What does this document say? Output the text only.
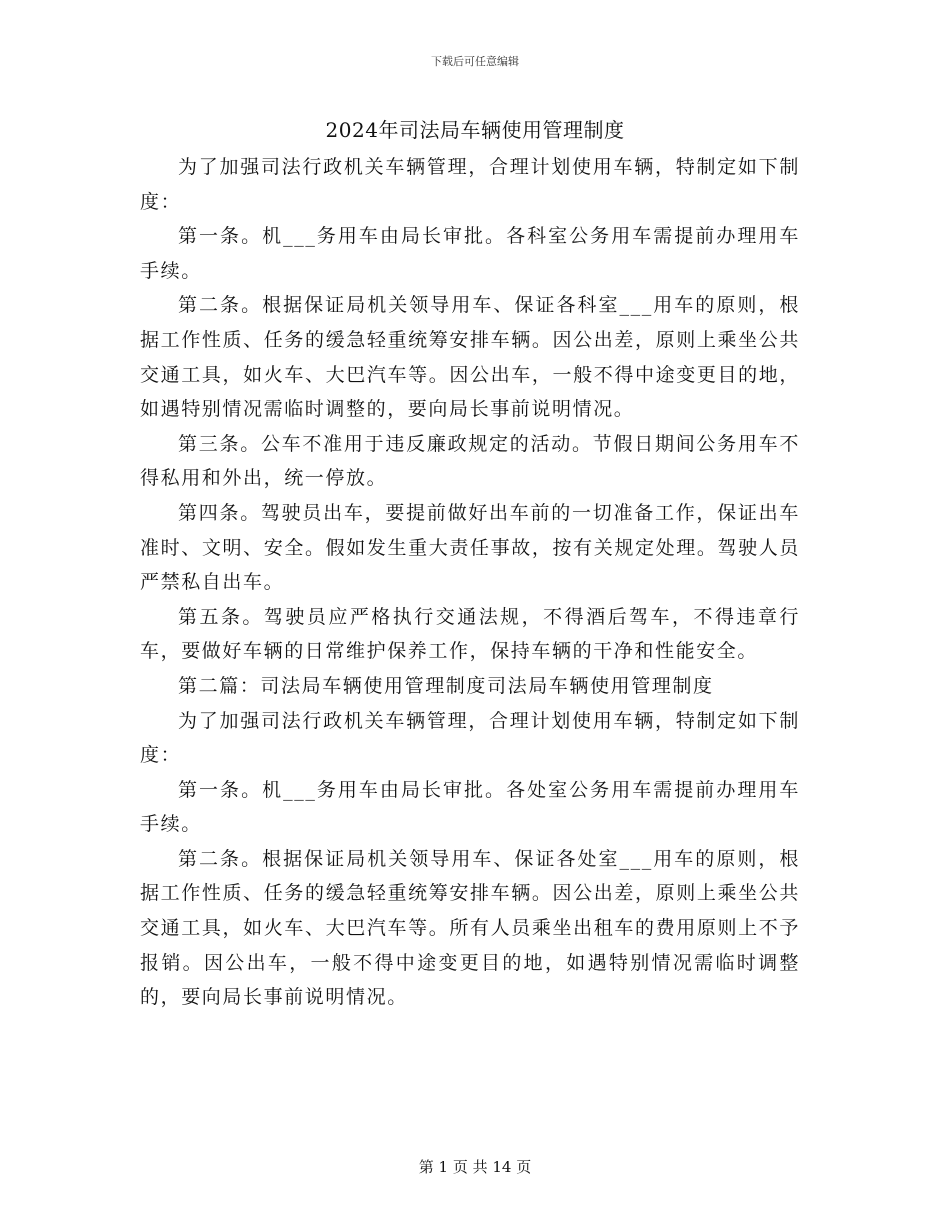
下载后可任意编辑
2024年司法局车辆使用管理制度

为了加强司法行政机关车辆管理，合理计划使用车辆，特制定如下制度：

第一条。机___务用车由局长审批。各科室公务用车需提前办理用车手续。

第二条。根据保证局机关领导用车、保证各科室___用车的原则，根据工作性质、任务的缓急轻重统筹安排车辆。因公出差，原则上乘坐公共交通工具，如火车、大巴汽车等。因公出车，一般不得中途变更目的地，如遇特别情况需临时调整的，要向局长事前说明情况。

第三条。公车不准用于违反廉政规定的活动。节假日期间公务用车不得私用和外出，统一停放。

第四条。驾驶员出车，要提前做好出车前的一切准备工作，保证出车准时、文明、安全。假如发生重大责任事故，按有关规定处理。驾驶人员严禁私自出车。

第五条。驾驶员应严格执行交通法规，不得酒后驾车，不得违章行车，要做好车辆的日常维护保养工作，保持车辆的干净和性能安全。

第二篇：司法局车辆使用管理制度司法局车辆使用管理制度

为了加强司法行政机关车辆管理，合理计划使用车辆，特制定如下制度：

第一条。机___务用车由局长审批。各处室公务用车需提前办理用车手续。

第二条。根据保证局机关领导用车、保证各处室___用车的原则，根据工作性质、任务的缓急轻重统筹安排车辆。因公出差，原则上乘坐公共交通工具，如火车、大巴汽车等。所有人员乘坐出租车的费用原则上不予报销。因公出车，一般不得中途变更目的地，如遇特别情况需临时调整的，要向局长事前说明情况。

第 1 页 共 14 页
